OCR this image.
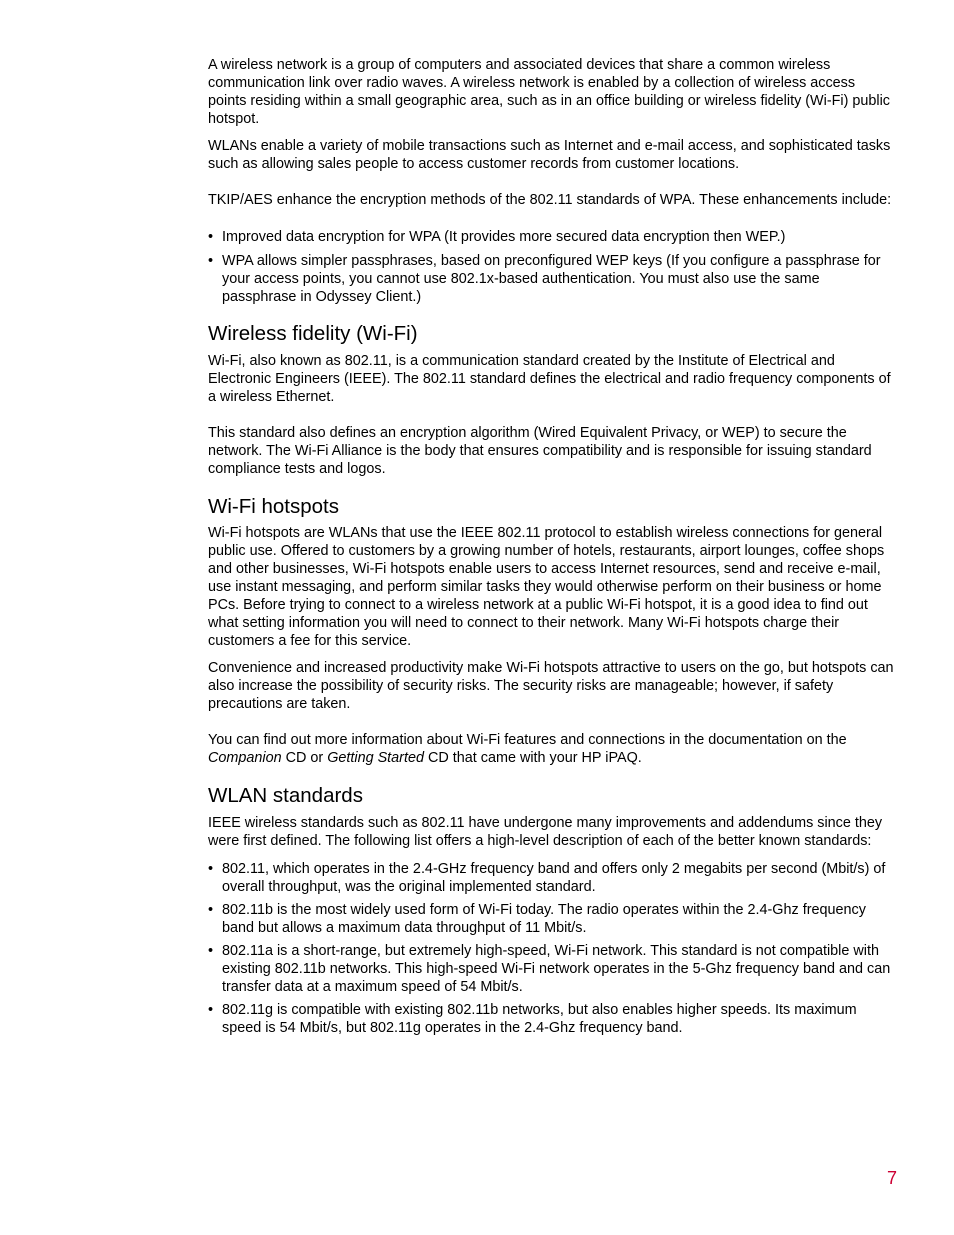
A wireless network is a group of computers and associated devices that share a common wireless communication link over radio waves. A wireless network is enabled by a collection of wireless access points residing within a small geographic area, such as in an office building or wireless fidelity (Wi-Fi) public hotspot.

WLANs enable a variety of mobile transactions such as Internet and e-mail access, and sophisticated tasks such as allowing sales people to access customer records from customer locations.

TKIP/AES enhance the encryption methods of the 802.11 standards of WPA. These enhancements include:

• Improved data encryption for WPA (It provides more secured data encryption then WEP.)
• WPA allows simpler passphrases, based on preconfigured WEP keys (If you configure a passphrase for your access points, you cannot use 802.1x-based authentication. You must also use the same passphrase in Odyssey Client.)
Wireless fidelity (Wi-Fi)

Wi-Fi, also known as 802.11, is a communication standard created by the Institute of Electrical and Electronic Engineers (IEEE). The 802.11 standard defines the electrical and radio frequency components of a wireless Ethernet.

This standard also defines an encryption algorithm (Wired Equivalent Privacy, or WEP) to secure the network. The Wi-Fi Alliance is the body that ensures compatibility and is responsible for issuing standard compliance tests and logos.

Wi-Fi hotspots

Wi-Fi hotspots are WLANs that use the IEEE 802.11 protocol to establish wireless connections for general public use. Offered to customers by a growing number of hotels, restaurants, airport lounges, coffee shops and other businesses, Wi-Fi hotspots enable users to access Internet resources, send and receive e-mail, use instant messaging, and perform similar tasks they would otherwise perform on their business or home PCs. Before trying to connect to a wireless network at a public Wi-Fi hotspot, it is a good idea to find out what setting information you will need to connect to their network. Many Wi-Fi hotspots charge their customers a fee for this service.

Convenience and increased productivity make Wi-Fi hotspots attractive to users on the go, but hotspots can also increase the possibility of security risks. The security risks are manageable; however, if safety precautions are taken.

You can find out more information about Wi-Fi features and connections in the documentation on the Companion CD or Getting Started CD that came with your HP iPAQ.

WLAN standards

IEEE wireless standards such as 802.11 have undergone many improvements and addendums since they were first defined. The following list offers a high-level description of each of the better known standards:

• 802.11, which operates in the 2.4-GHz frequency band and offers only 2 megabits per second (Mbit/s) of overall throughput, was the original implemented standard.
• 802.11b is the most widely used form of Wi-Fi today. The radio operates within the 2.4-Ghz frequency band but allows a maximum data throughput of 11 Mbit/s.
• 802.11a is a short-range, but extremely high-speed, Wi-Fi network. This standard is not compatible with existing 802.11b networks. This high-speed Wi-Fi network operates in the 5-Ghz frequency band and can transfer data at a maximum speed of 54 Mbit/s.
• 802.11g is compatible with existing 802.11b networks, but also enables higher speeds. Its maximum speed is 54 Mbit/s, but 802.11g operates in the 2.4-Ghz frequency band.
7
